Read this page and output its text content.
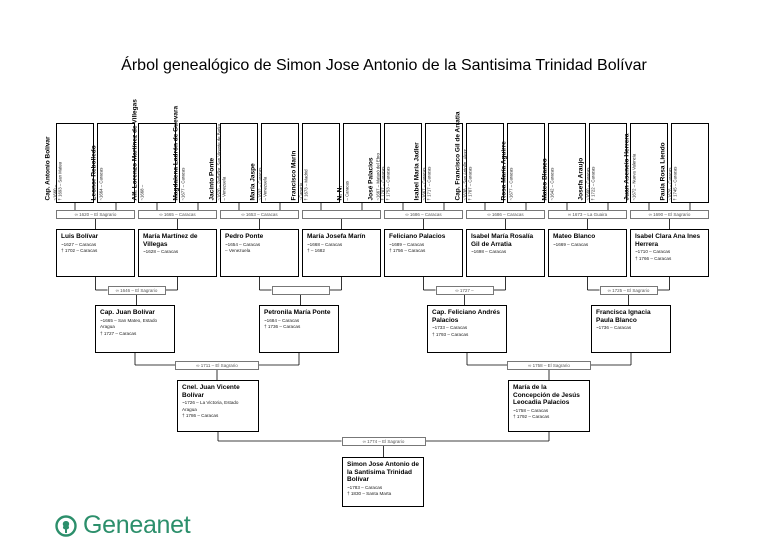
Árbol genealógico de Simon Jose Antonio de la Santisima Trinidad Bolívar
Cap. Antonio Bolívar ~1660 – † 1693 – San Mateo	Leonor Rebolledo ~1664 – Caracas	Alf. Lorenzo Martínez de Villegas ~1668 –	Magdalena Ladrón de Guevara ~1677 – Caracas	Jacinto Ponte ~1620 – Peñaflor, San Vicente de Barka – Venezuela	María Jaspe ~1632 – Caracas – Venezuela	Francisco Marín ~Canaria † 1673 – Madrid	N. N. – Caracas	José Palacios ~1667 – Mataró del Ebro † 1707 – Caracas † 1753 – Caracas	Isabel María Jadler ~1667 – Caracas † 1717 – Caracas	Cap. Francisco Gil de Arratia ~1638 – San Antolín, Alexc † 1707 – Caracas	Rosa María Aguirre ~1677 – Caracas	Mateo Blanco ~1642 – Caracas	Josefa Araujo ~1660 – Caracas † 1722 – Caracas	Juan Asencio Herrera ~1672 – Nueva Valencia	Paula Rosa Liendo ~1676 – Caracas † 1745 – Caracas
∞ 1620 – El Sagrario	∞ 1665 – Caracas	∞ 1653 – Caracas	∞ 1686 – Caracas	∞ 1686 – Caracas	∞ 1673 – La Guaira	∞ 1690 – El Sagrario
Luis Bolívar
~1627 – Caracas
† 1702 – Caracas
María Martínez de Villegas
~1628 – Caracas
Pedro Ponte
~1654 – Caracas
– Venezuela
María Josefa Marín
~1668 – Caracas
† – 1682
Feliciano Palacios
~1689 – Caracas
† 1756 – Caracas
Isabel María Rosalía Gil de Arratia
~1698 – Caracas
Mateo Blanco
~1669 – Caracas
Isabel Clara Ana Ines Herrera
~1710 – Caracas
† 1766 – Caracas
∞ 1646 – El Sagrario	∞ 1727 –	∞ 1725 – El Sagrario
Cap. Juan Bolívar
~1665 – San Mateo, Estado
Aragua
† 1727 – Caracas
Petronila María Ponte
~1684 – Caracas
† 1736 – Caracas
Cap. Feliciano Andrés Palacios
~1733 – Caracas
† 1793 – Caracas
Francisca Ignacia Paula Blanco
~1736 – Caracas
∞ 1711 – El Sagrario	∞ 1758 – El Sagrario
Cnel. Juan Vicente Bolívar
~1726 – La Victoria, Estado
Aragua
† 1786 – Caracas
María de la Concepción de Jesús Leocadia Palacios
~1758 – Caracas
† 1792 – Caracas
∞ 1774 – El Sagrario
Simon Jose Antonio de la Santisima Trinidad Bolívar
~1783 – Caracas
† 1830 – Santa Marta
Geneanet
